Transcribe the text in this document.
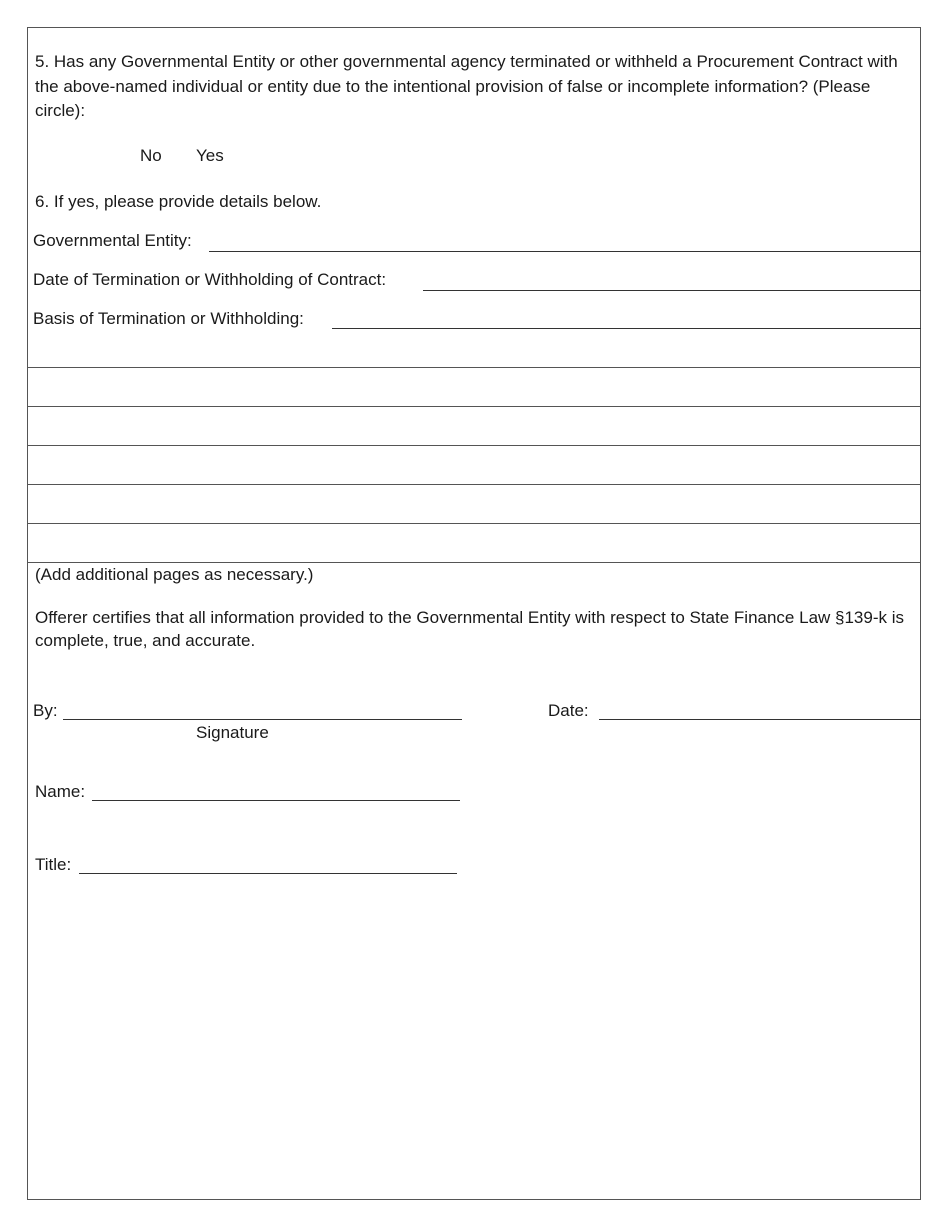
5. Has any Governmental Entity or other governmental agency terminated or withheld a Procurement Contract with the above-named individual or entity due to the intentional provision of false or incomplete information? (Please circle):
No Yes
6. If yes, please provide details below.
Governmental Entity:
Date of Termination or Withholding of Contract:
Basis of Termination or Withholding:
(Add additional pages as necessary.)
Offerer certifies that all information provided to the Governmental Entity with respect to State Finance Law §139-k is complete, true, and accurate.
By:
Signature
Date:
Name:
Title:
